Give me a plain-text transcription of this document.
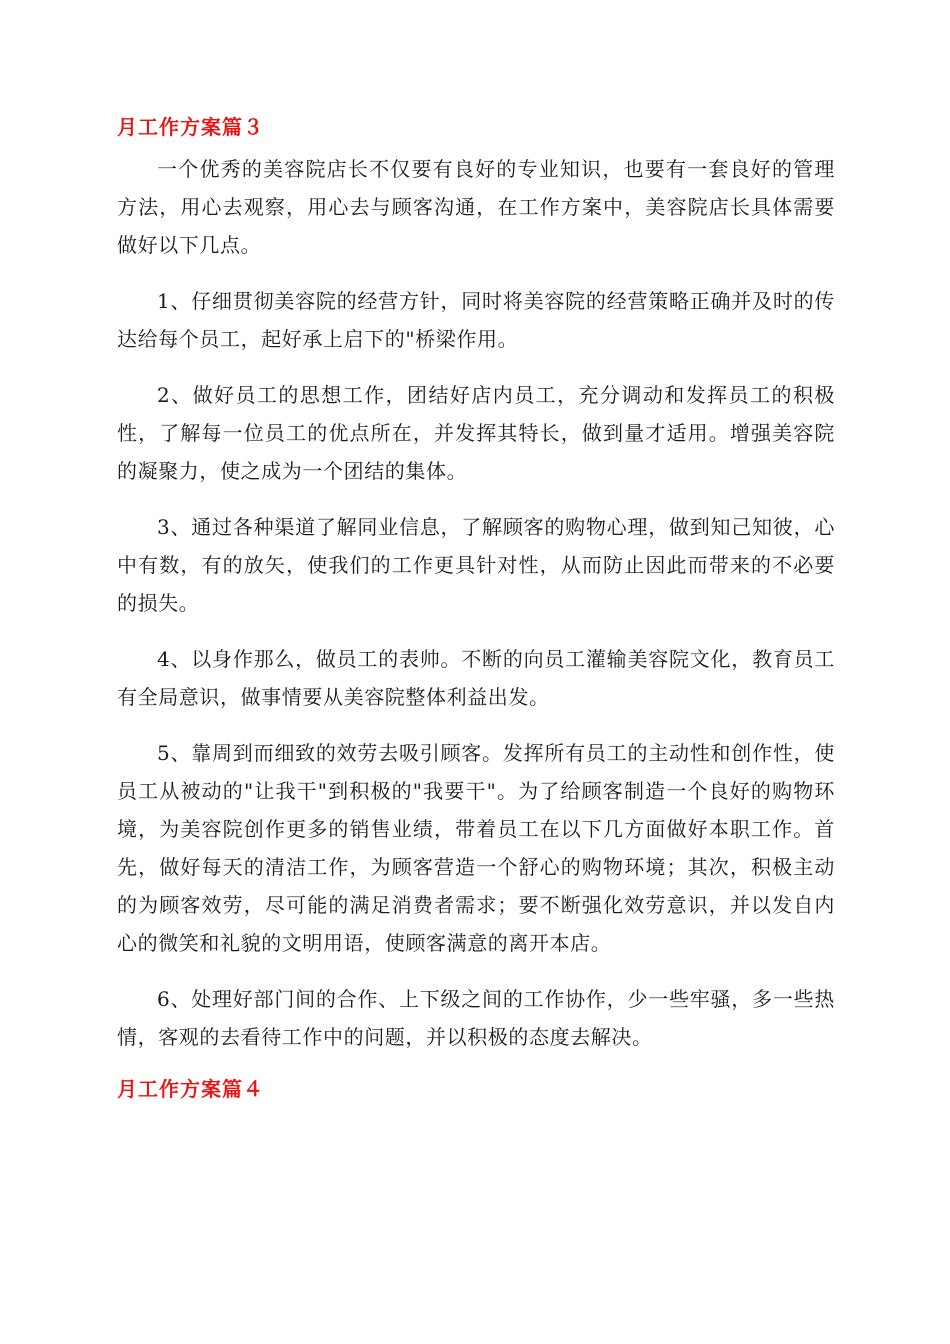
月工作方案篇３

一个优秀的美容院店长不仅要有良好的专业知识，也要有一套良好的管理方法，用心去观察，用心去与顾客沟通，在工作方案中，美容院店长具体需要做好以下几点。

1、仔细贯彻美容院的经营方针，同时将美容院的经营策略正确并及时的传达给每个员工，起好承上启下的"桥梁作用。

2、做好员工的思想工作，团结好店内员工，充分调动和发挥员工的积极性，了解每一位员工的优点所在，并发挥其特长，做到量才适用。增强美容院的凝聚力，使之成为一个团结的集体。

3、通过各种渠道了解同业信息，了解顾客的购物心理，做到知己知彼，心中有数，有的放矢，使我们的工作更具针对性，从而防止因此而带来的不必要的损失。

4、以身作那么，做员工的表帅。不断的向员工灌输美容院文化，教育员工有全局意识，做事情要从美容院整体利益出发。

5、靠周到而细致的效劳去吸引顾客。发挥所有员工的主动性和创作性，使员工从被动的"让我干"到积极的"我要干"。为了给顾客制造一个良好的购物环境，为美容院创作更多的销售业绩，带着员工在以下几方面做好本职工作。首先，做好每天的清洁工作，为顾客营造一个舒心的购物环境；其次，积极主动的为顾客效劳，尽可能的满足消费者需求；要不断强化效劳意识，并以发自内心的微笑和礼貌的文明用语，使顾客满意的离开本店。

6、处理好部门间的合作、上下级之间的工作协作，少一些牢骚，多一些热情，客观的去看待工作中的问题，并以积极的态度去解决。

月工作方案篇４
